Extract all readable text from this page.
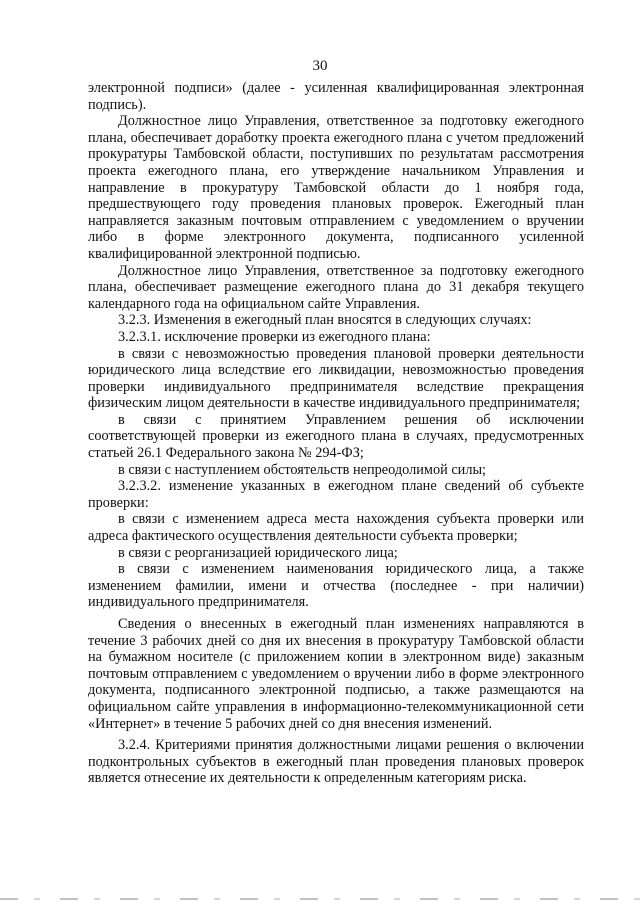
30

электронной подписи» (далее - усиленная квалифицированная электронная подпись).

Должностное лицо Управления, ответственное за подготовку ежегодного плана, обеспечивает доработку проекта ежегодного плана с учетом предложений прокуратуры Тамбовской области, поступивших по результатам рассмотрения проекта ежегодного плана, его утверждение начальником Управления и направление в прокуратуру Тамбовской области до 1 ноября года, предшествующего году проведения плановых проверок. Ежегодный план направляется заказным почтовым отправлением с уведомлением о вручении либо в форме электронного документа, подписанного усиленной квалифицированной электронной подписью.

Должностное лицо Управления, ответственное за подготовку ежегодного плана, обеспечивает размещение ежегодного плана до 31 декабря текущего календарного года на официальном сайте Управления.

3.2.3. Изменения в ежегодный план вносятся в следующих случаях:

3.2.3.1. исключение проверки из ежегодного плана:

в связи с невозможностью проведения плановой проверки деятельности юридического лица вследствие его ликвидации, невозможностью проведения проверки индивидуального предпринимателя вследствие прекращения физическим лицом деятельности в качестве индивидуального предпринимателя;

в связи с принятием Управлением решения об исключении соответствующей проверки из ежегодного плана в случаях, предусмотренных статьей 26.1 Федерального закона № 294-ФЗ;

в связи с наступлением обстоятельств непреодолимой силы;

3.2.3.2. изменение указанных в ежегодном плане сведений об субъекте проверки:

в связи с изменением адреса места нахождения субъекта проверки или адреса фактического осуществления деятельности субъекта проверки;

в связи с реорганизацией юридического лица;

в связи с изменением наименования юридического лица, а также изменением фамилии, имени и отчества (последнее - при наличии) индивидуального предпринимателя.

Сведения о внесенных в ежегодный план изменениях направляются в течение 3 рабочих дней со дня их внесения в прокуратуру Тамбовской области на бумажном носителе (с приложением копии в электронном виде) заказным почтовым отправлением с уведомлением о вручении либо в форме электронного документа, подписанного электронной подписью, а также размещаются на официальном сайте управления в информационно-телекоммуникационной сети «Интернет» в течение 5 рабочих дней со дня внесения изменений.

3.2.4. Критериями принятия должностными лицами решения о включении подконтрольных субъектов в ежегодный план проведения плановых проверок является отнесение их деятельности к определенным категориям риска.
